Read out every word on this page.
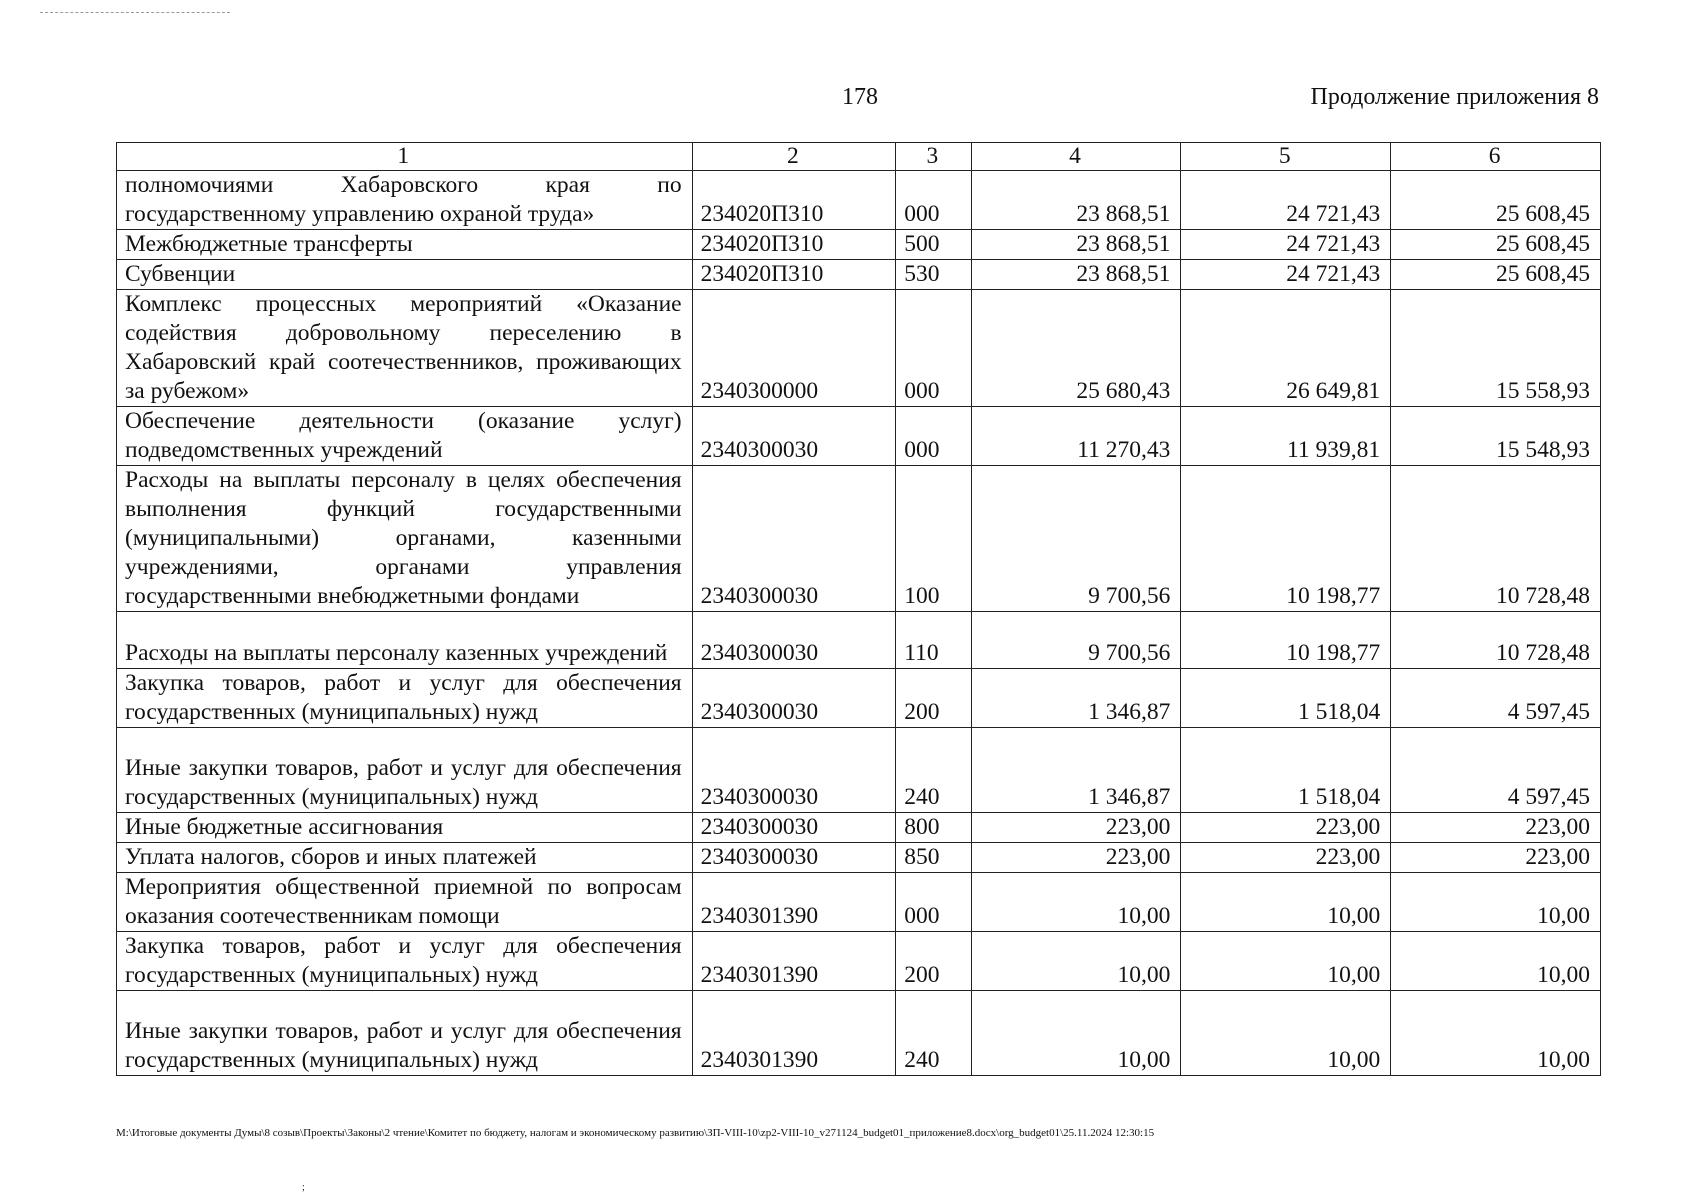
178	Продолжение приложения 8
1	2	3	4	5	6
полномочиями Хабаровского края по государственному управлению охраной труда»	234020П310	000	23 868,51	24 721,43	25 608,45
Межбюджетные трансферты	234020П310	500	23 868,51	24 721,43	25 608,45
Субвенции	234020П310	530	23 868,51	24 721,43	25 608,45
Комплекс процессных мероприятий «Оказание содействия добровольному переселению в Хабаровский край соотечественников, проживающих за рубежом»	2340300000	000	25 680,43	26 649,81	15 558,93
Обеспечение деятельности (оказание услуг) подведомственных учреждений	2340300030	000	11 270,43	11 939,81	15 548,93
Расходы на выплаты персоналу в целях обеспечения выполнения функций государственными (муниципальными) органами, казенными учреждениями, органами управления государственными внебюджетными фондами	2340300030	100	9 700,56	10 198,77	10 728,48
Расходы на выплаты персоналу казенных учреждений	2340300030	110	9 700,56	10 198,77	10 728,48
Закупка товаров, работ и услуг для обеспечения государственных (муниципальных) нужд	2340300030	200	1 346,87	1 518,04	4 597,45
Иные закупки товаров, работ и услуг для обеспечения государственных (муниципальных) нужд	2340300030	240	1 346,87	1 518,04	4 597,45
Иные бюджетные ассигнования	2340300030	800	223,00	223,00	223,00
Уплата налогов, сборов и иных платежей	2340300030	850	223,00	223,00	223,00
Мероприятия общественной приемной по вопросам оказания соотечественникам помощи	2340301390	000	10,00	10,00	10,00
Закупка товаров, работ и услуг для обеспечения государственных (муниципальных) нужд	2340301390	200	10,00	10,00	10,00
Иные закупки товаров, работ и услуг для обеспечения государственных (муниципальных) нужд	2340301390	240	10,00	10,00	10,00
M:\Итоговые документы Думы\8 созыв\Проекты\Законы\2 чтение\Комитет по бюджету, налогам и экономическому развитию\ЗП-VIII-10\zp2-VIII-10_v271124_budget01_приложение8.docx\org_budget01\25.11.2024 12:30:15
;
